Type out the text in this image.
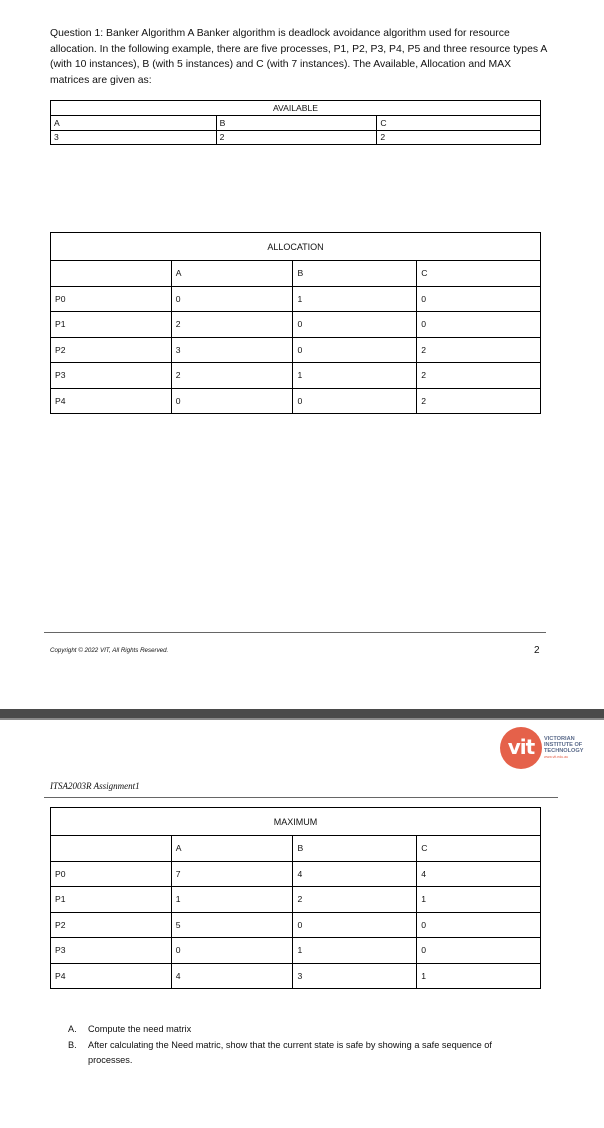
Question 1: Banker Algorithm A Banker algorithm is deadlock avoidance algorithm used for resource allocation. In the following example, there are five processes, P1, P2, P3, P4, P5 and three resource types A (with 10 instances), B (with 5 instances) and C (with 7 instances). The Available, Allocation and MAX matrices are given as:
AVAILABLE		
A	B	C
3	2	2
ALLOCATION			
	A	B	C
P0	0	1	0
P1	2	0	0
P2	3	0	2
P3	2	1	2
P4	0	0	2
Copyright © 2022 VIT, All Rights Reserved.	2
vit	VICTORIAN
INSTITUTE OF
TECHNOLOGY
www.vit.edu.au
ITSA2003R Assignment1
MAXIMUM			
	A	B	C
P0	7	4	4
P1	1	2	1
P2	5	0	0
P3	0	1	0
P4	4	3	1
A. Compute the need matrix
B. After calculating the Need matric, show that the current state is safe by showing a safe sequence of processes.
